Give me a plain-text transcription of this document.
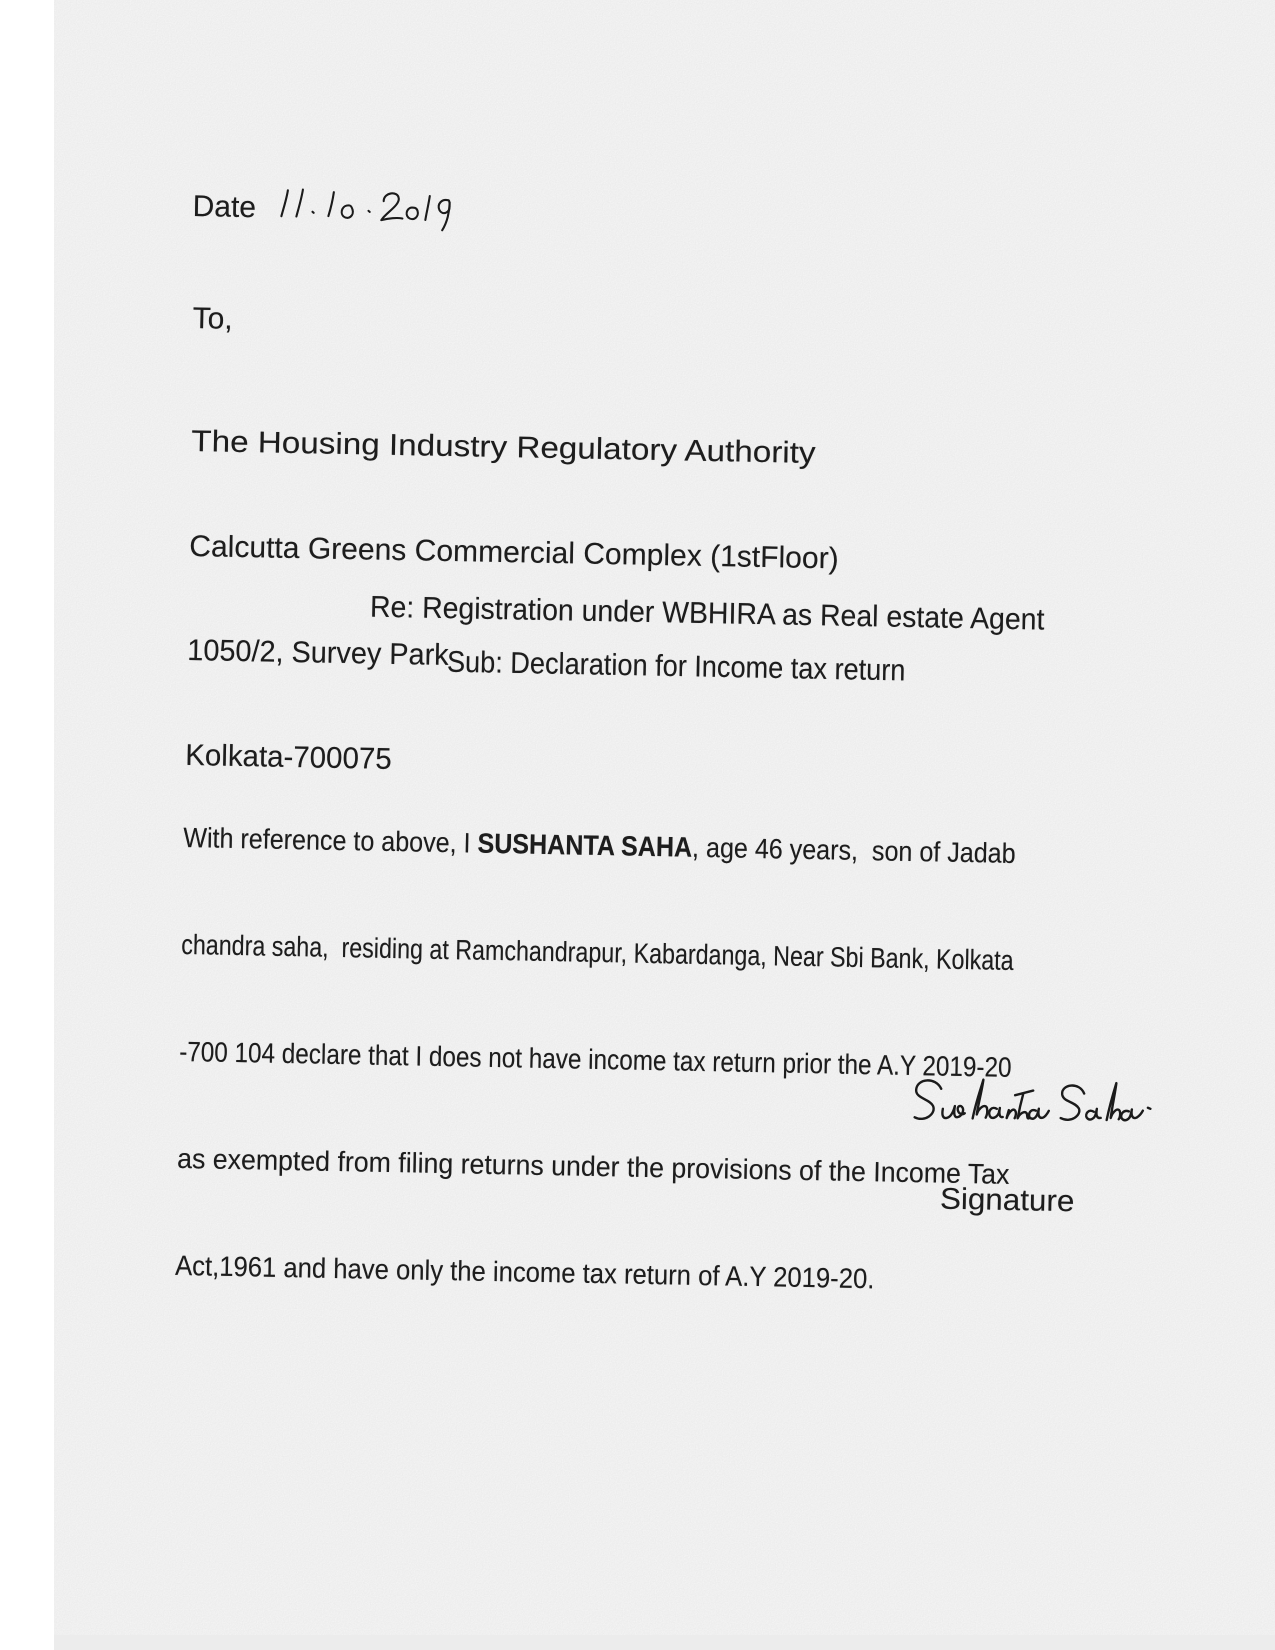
Date
To,

The Housing Industry Regulatory Authority

Calcutta Greens Commercial Complex (1stFloor)

1050/2, Survey Park

Kolkata-700075

Re: Registration under WBHIRA as Real estate Agent

Sub: Declaration for Income tax return

With reference to above, I SUSHANTA SAHA, age 46 years,  son of Jadab

chandra saha,  residing at Ramchandrapur, Kabardanga, Near Sbi Bank, Kolkata

-700 104 declare that I does not have income tax return prior the A.Y 2019-20

as exempted from filing returns under the provisions of the Income Tax

Act,1961 and have only the income tax return of A.Y 2019-20.

Signature
